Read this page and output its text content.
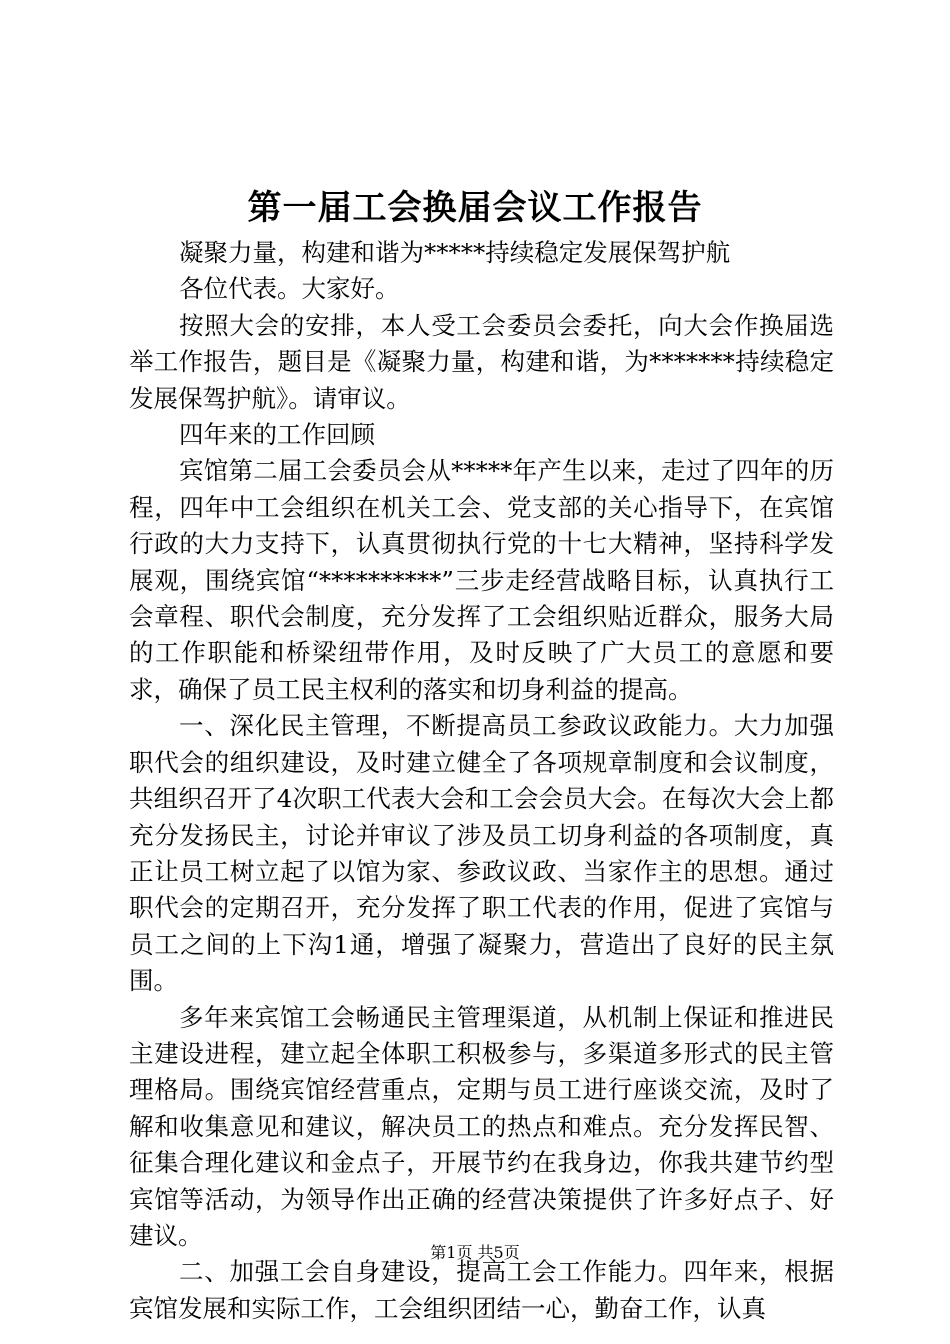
第一届工会换届会议工作报告

凝聚力量，构建和谐为*****持续稳定发展保驾护航

各位代表。大家好。

按照大会的安排，本人受工会委员会委托，向大会作换届选举工作报告，题目是《凝聚力量，构建和谐，为*******持续稳定发展保驾护航》。请审议。

四年来的工作回顾

宾馆第二届工会委员会从*****年产生以来，走过了四年的历程，四年中工会组织在机关工会、党支部的关心指导下，在宾馆行政的大力支持下，认真贯彻执行党的十七大精神，坚持科学发展观，围绕宾馆“**********”三步走经营战略目标，认真执行工会章程、职代会制度，充分发挥了工会组织贴近群众，服务大局的工作职能和桥梁纽带作用，及时反映了广大员工的意愿和要求，确保了员工民主权利的落实和切身利益的提高。

一、深化民主管理，不断提高员工参政议政能力。大力加强职代会的组织建设，及时建立健全了各项规章制度和会议制度，共组织召开了4次职工代表大会和工会会员大会。在每次大会上都充分发扬民主，讨论并审议了涉及员工切身利益的各项制度，真正让员工树立起了以馆为家、参政议政、当家作主的思想。通过职代会的定期召开，充分发挥了职工代表的作用，促进了宾馆与员工之间的上下沟1通，增强了凝聚力，营造出了良好的民主氛围。

多年来宾馆工会畅通民主管理渠道，从机制上保证和推进民主建设进程，建立起全体职工积极参与，多渠道多形式的民主管理格局。围绕宾馆经营重点，定期与员工进行座谈交流，及时了解和收集意见和建议，解决员工的热点和难点。充分发挥民智、征集合理化建议和金点子，开展节约在我身边，你我共建节约型宾馆等活动，为领导作出正确的经营决策提供了许多好点子、好建议。

二、加强工会自身建设，提高工会工作能力。四年来，根据宾馆发展和实际工作，工会组织团结一心，勤奋工作，认真

第1页 共5页
